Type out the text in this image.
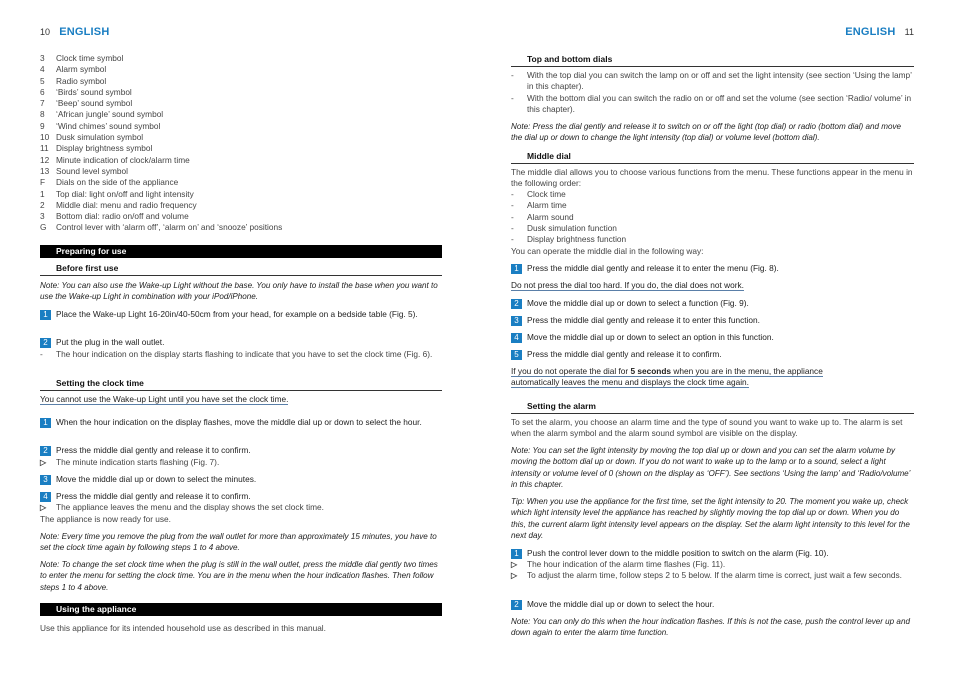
10 ENGLISH
3	Clock time symbol
4	Alarm symbol
5	Radio symbol
6	‘Birds’ sound symbol
7	‘Beep’ sound symbol
8	‘African jungle’ sound symbol
9	‘Wind chimes’ sound symbol
10 Dusk simulation symbol
11 Display brightness symbol
12 Minute indication of clock/alarm time
13 Sound level symbol
F	Dials on the side of the appliance
1	Top dial: light on/off and light intensity
2	Middle dial: menu and radio frequency
3	Bottom dial: radio on/off and volume
G	Control lever with ‘alarm off’, ‘alarm on’ and ‘snooze’ positions
Preparing for use
Before first use
Note: You can also use the Wake-up Light without the base. You only have to install the base when you want to use the Wake-up Light in combination with your iPod/iPhone.
1 Place the Wake-up Light 16-20in/40-50cm from your head, for example on a bedside table (Fig. 5).
2 Put the plug in the wall outlet.
-	The hour indication on the display starts flashing to indicate that you have to set the clock time (Fig. 6).
Setting the clock time
You cannot use the Wake-up Light until you have set the clock time.
1 When the hour indication on the display flashes, move the middle dial up or down to select the hour.
2 Press the middle dial gently and release it to confirm.
▷	The minute indication starts flashing (Fig. 7).
3 Move the middle dial up or down to select the minutes.
4 Press the middle dial gently and release it to confirm.
▷	The appliance leaves the menu and the display shows the set clock time.
The appliance is now ready for use.
Note: Every time you remove the plug from the wall outlet for more than approximately 15 minutes, you have to set the clock time again by following steps 1 to 4 above.
Note: To change the set clock time when the plug is still in the wall outlet, press the middle dial gently two times to enter the menu for setting the clock time. You are in the menu when the hour indication flashes. Then follow steps 1 to 4 above.
Using the appliance
Use this appliance for its intended household use as described in this manual.
ENGLISH 11
Top and bottom dials
-	With the top dial you can switch the lamp on or off and set the light intensity (see section ‘Using the lamp’ in this chapter).
-	With the bottom dial you can switch the radio on or off and set the volume (see section ‘Radio/ volume’ in this chapter).
Note: Press the dial gently and release it to switch on or off the light (top dial) or radio (bottom dial) and move the dial up or down to change the light intensity (top dial) or volume level (bottom dial).
Middle dial
The middle dial allows you to choose various functions from the menu. These functions appear in the menu in the following order:
-	Clock time
-	Alarm time
-	Alarm sound
-	Dusk simulation function
-	Display brightness function
You can operate the middle dial in the following way:
1 Press the middle dial gently and release it to enter the menu (Fig. 8).
Do not press the dial too hard. If you do, the dial does not work.
2 Move the middle dial up or down to select a function (Fig. 9).
3 Press the middle dial gently and release it to enter this function.
4 Move the middle dial up or down to select an option in this function.
5 Press the middle dial gently and release it to confirm.
If you do not operate the dial for 5 seconds when you are in the menu, the appliance automatically leaves the menu and displays the clock time again.
Setting the alarm
To set the alarm, you choose an alarm time and the type of sound you want to wake up to. The alarm is set when the alarm symbol and the alarm sound symbol are visible on the display.
Note: You can set the light intensity by moving the top dial up or down and you can set the alarm volume by moving the bottom dial up or down. If you do not want to wake up to the lamp or to a sound, select a light intensity or volume level of 0 (shown on the display as ‘OFF’). See sections ‘Using the lamp’ and ‘Radio/volume’ in this chapter.
Tip: When you use the appliance for the first time, set the light intensity to 20. The moment you wake up, check which light intensity level the appliance has reached by slightly moving the top dial up or down. When you do this, the current alarm light intensity level appears on the display. Set the alarm light intensity to this level for the next day.
1 Push the control lever down to the middle position to switch on the alarm (Fig. 10).
▷	The hour indication of the alarm time flashes (Fig. 11).
▷	To adjust the alarm time, follow steps 2 to 5 below. If the alarm time is correct, just wait a few seconds.
2 Move the middle dial up or down to select the hour.
Note: You can only do this when the hour indication flashes. If this is not the case, push the control lever up and down again to enter the alarm time function.
